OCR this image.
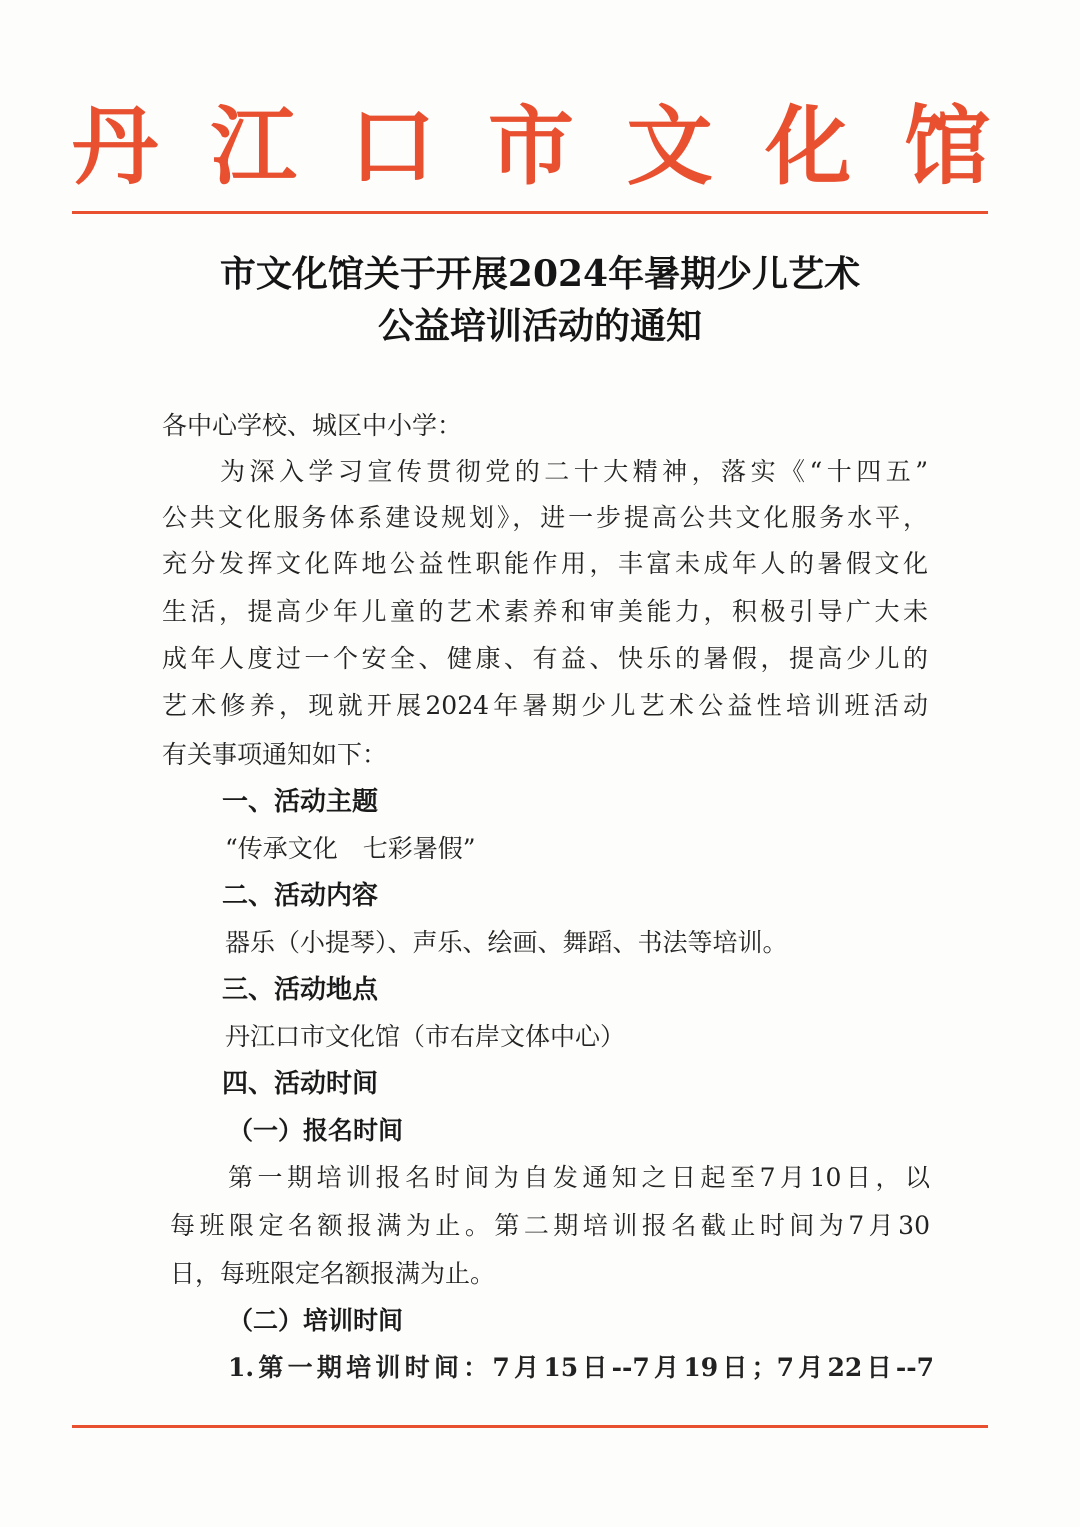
丹 江 口 市 文 化 馆
市文化馆关于开展2024年暑期少儿艺术
公益培训活动的通知
各中心学校、城区中小学：
为深入学习宣传贯彻党的二十大精神，落实《“十四五”
公共文化服务体系建设规划》，进一步提高公共文化服务水平，
充分发挥文化阵地公益性职能作用，丰富未成年人的暑假文化
生活，提高少年儿童的艺术素养和审美能力，积极引导广大未
成年人度过一个安全、健康、有益、快乐的暑假，提高少儿的
艺术修养，现就开展2024年暑期少儿艺术公益性培训班活动
有关事项通知如下：
一、活动主题
“传承文化　七彩暑假”
二、活动内容
器乐（小提琴）、声乐、绘画、舞蹈、书法等培训。
三、活动地点
丹江口市文化馆（市右岸文体中心）
四、活动时间
（一）报名时间
第一期培训报名时间为自发通知之日起至7月10日，以
每班限定名额报满为止。第二期培训报名截止时间为7月30
日，每班限定名额报满为止。
（二）培训时间
1.第一期培训时间：7月15日--7月19日；7月22日--7
